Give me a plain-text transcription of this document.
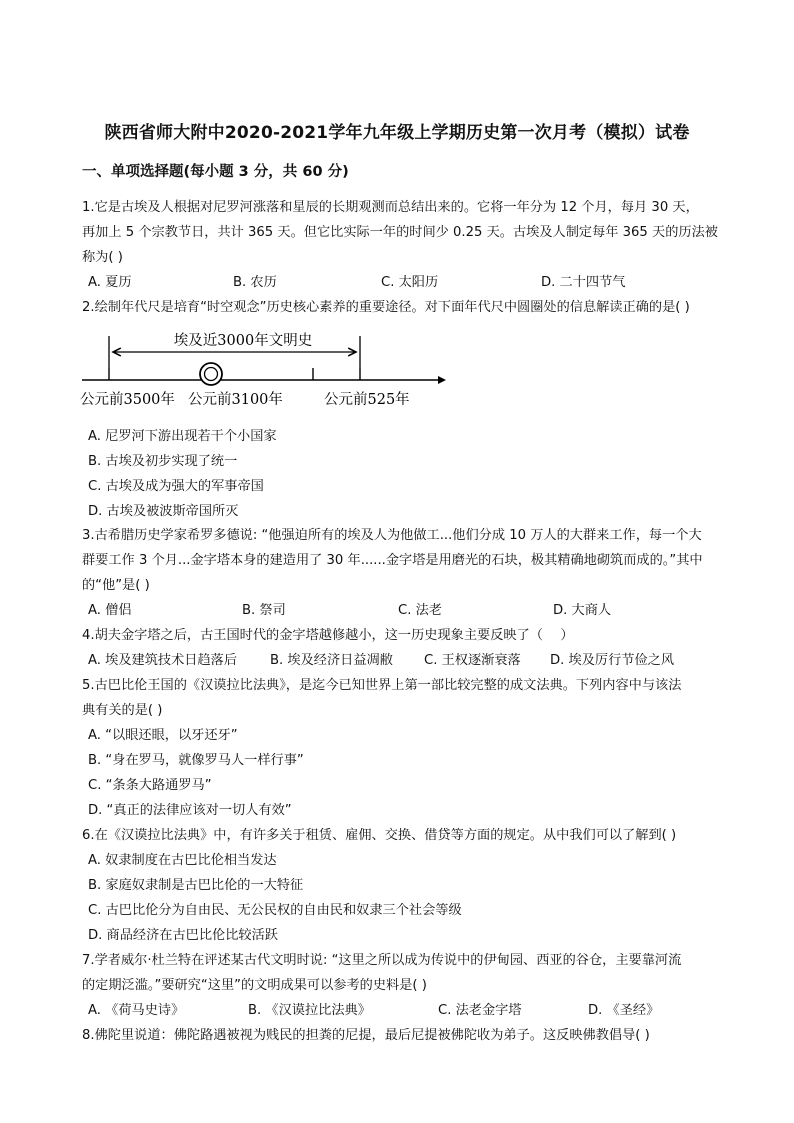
陕西省师大附中2020-2021学年九年级上学期历史第一次月考（模拟）试卷
一、单项选择题(每小题 3 分，共 60 分)
1.它是古埃及人根据对尼罗河涨落和星辰的长期观测而总结出来的。它将一年分为 12 个月，每月 30 天，
再加上 5 个宗教节日，共计 365 天。但它比实际一年的时间少 0.25 天。古埃及人制定每年 365 天的历法被
称为( )
A. 夏历	B. 农历	C. 太阳历	D. 二十四节气
2.绘制年代尺是培育“时空观念”历史核心素养的重要途径。对下面年代尺中圆圈处的信息解读正确的是( )
埃及近3000年文明史
公元前3500年 公元前3100年	公元前525年
A. 尼罗河下游出现若干个小国家
B. 古埃及初步实现了统一
C. 古埃及成为强大的军事帝国
D. 古埃及被波斯帝国所灭
3.古希腊历史学家希罗多德说: “他强迫所有的埃及人为他做工...他们分成 10 万人的大群来工作，每一个大
群要工作 3 个月...金字塔本身的建造用了 30 年......金字塔是用磨光的石块，极其精确地砌筑而成的。”其中
的“他”是( )
A. 僧侣	B. 祭司	C. 法老	D. 大商人
4.胡夫金字塔之后，古王国时代的金字塔越修越小，这一历史现象主要反映了（　 ）
A. 埃及建筑技术日趋落后 B. 埃及经济日益凋敝 C. 王权逐渐衰落 D. 埃及厉行节俭之风
5.古巴比伦王国的《汉谟拉比法典》，是迄今已知世界上第一部比较完整的成文法典。下列内容中与该法
典有关的是( )
A. “以眼还眼，以牙还牙”
B. “身在罗马，就像罗马人一样行事”
C. “条条大路通罗马”
D. “真正的法律应该对一切人有效”
6.在《汉谟拉比法典》中，有许多关于租赁、雇佣、交换、借贷等方面的规定。从中我们可以了解到( )
A. 奴隶制度在古巴比伦相当发达
B. 家庭奴隶制是古巴比伦的一大特征
C. 古巴比伦分为自由民、无公民权的自由民和奴隶三个社会等级
D. 商品经济在古巴比伦比较活跃
7.学者威尔·杜兰特在评述某古代文明时说: “这里之所以成为传说中的伊甸园、西亚的谷仓，主要靠河流
的定期泛滥。”要研究“这里”的文明成果可以参考的史料是( )
A. 《荷马史诗》	B. 《汉谟拉比法典》	C. 法老金字塔	D. 《圣经》
8.佛陀里说道：佛陀路遇被视为贱民的担粪的尼提，最后尼提被佛陀收为弟子。这反映佛教倡导( )
